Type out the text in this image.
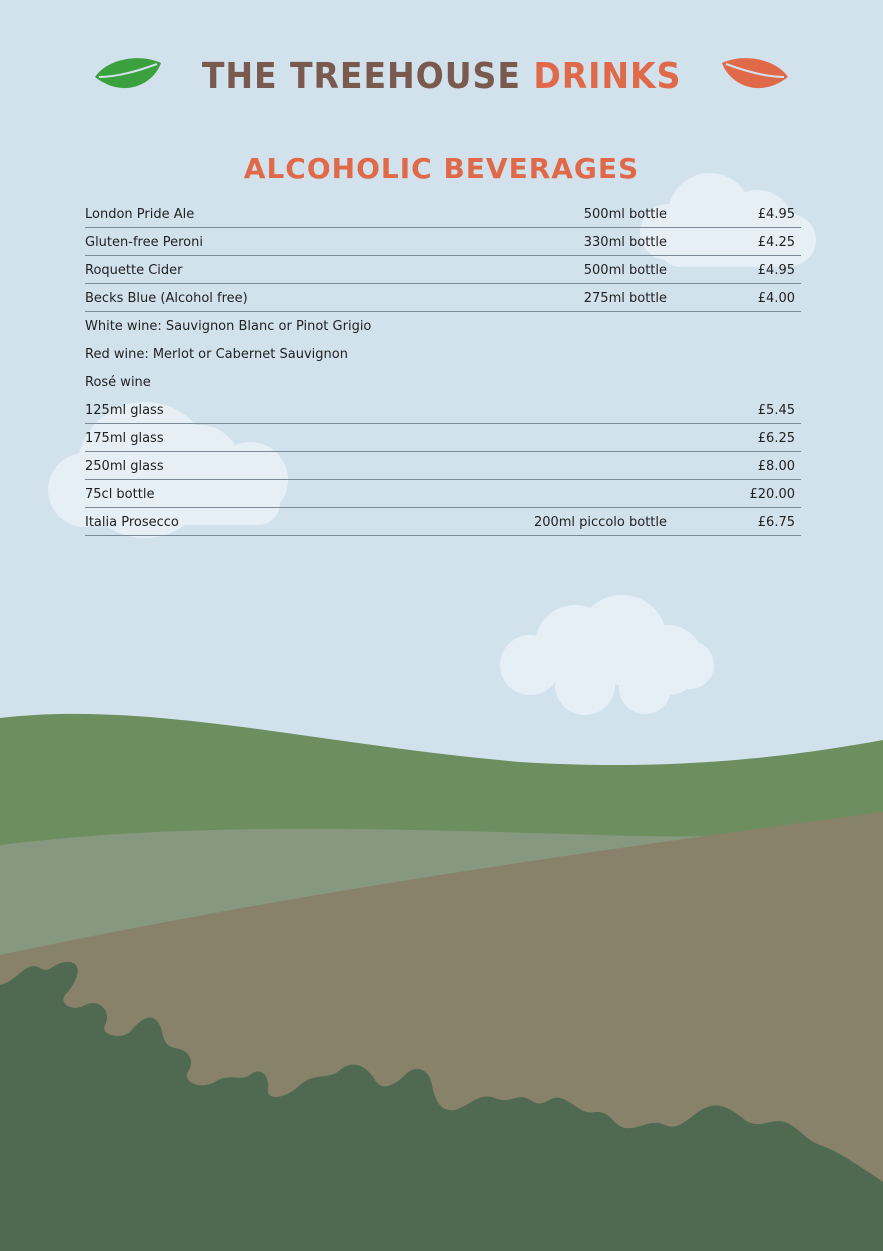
THE TREEHOUSE DRINKS
ALCOHOLIC BEVERAGES
London Pride Ale	500ml bottle	£4.95
Gluten-free Peroni	330ml bottle	£4.25
Roquette Cider	500ml bottle	£4.95
Becks Blue (Alcohol free)	275ml bottle	£4.00
White wine: Sauvignon Blanc or Pinot Grigio
Red wine: Merlot or Cabernet Sauvignon
Rosé wine
125ml glass	£5.45
175ml glass	£6.25
250ml glass	£8.00
75cl bottle	£20.00
Italia Prosecco	200ml piccolo bottle	£6.75
